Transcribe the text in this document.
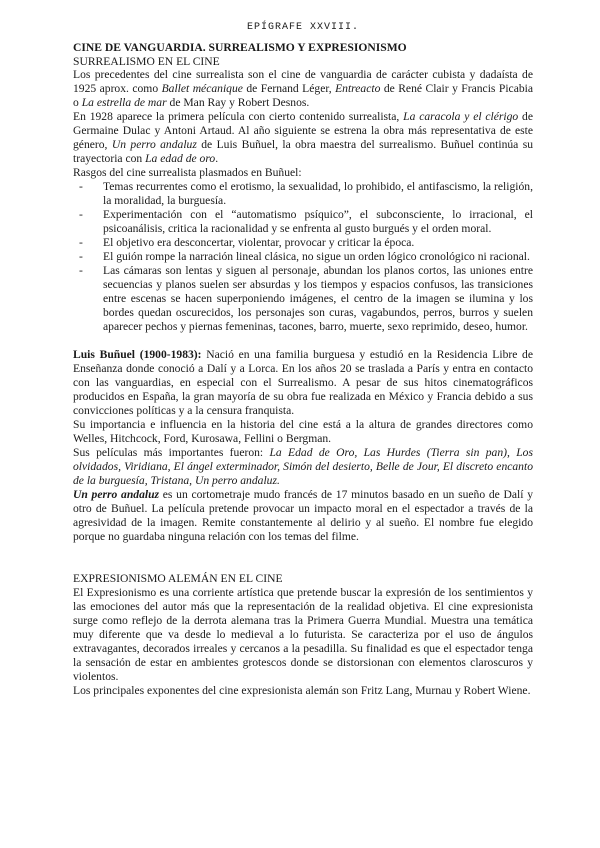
EPÍGRAFE XXVIII.
CINE DE VANGUARDIA. SURREALISMO Y EXPRESIONISMO
SURREALISMO EN EL CINE

Los precedentes del cine surrealista son el cine de vanguardia de carácter cubista y dadaísta de 1925 aprox. como Ballet mécanique de Fernand Léger, Entreacto de René Clair y Francis Picabia o La estrella de mar de Man Ray y Robert Desnos.

En 1928 aparece la primera película con cierto contenido surrealista, La caracola y el clérigo de Germaine Dulac y Antoni Artaud. Al año siguiente se estrena la obra más representativa de este género, Un perro andaluz de Luis Buñuel, la obra maestra del surrealismo. Buñuel continúa su trayectoria con La edad de oro.

Rasgos del cine surrealista plasmados en Buñuel:

- Temas recurrentes como el erotismo, la sexualidad, lo prohibido, el antifascismo, la religión, la moralidad, la burguesía.
- Experimentación con el “automatismo psíquico”, el subconsciente, lo irracional, el psicoanálisis, critica la racionalidad y se enfrenta al gusto burgués y el orden moral.
- El objetivo era desconcertar, violentar, provocar y criticar la época.
- El guión rompe la narración lineal clásica, no sigue un orden lógico cronológico ni racional.
- Las cámaras son lentas y siguen al personaje, abundan los planos cortos, las uniones entre secuencias y planos suelen ser absurdas y los tiempos y espacios confusos, las transiciones entre escenas se hacen superponiendo imágenes, el centro de la imagen se ilumina y los bordes quedan oscurecidos, los personajes son curas, vagabundos, perros, burros y suelen aparecer pechos y piernas femeninas, tacones, barro, muerte, sexo reprimido, deseo, humor.

Luis Buñuel (1900-1983): Nació en una familia burguesa y estudió en la Residencia Libre de Enseñanza donde conoció a Dalí y a Lorca. En los años 20 se traslada a París y entra en contacto con las vanguardias, en especial con el Surrealismo. A pesar de sus hitos cinematográficos producidos en España, la gran mayoría de su obra fue realizada en México y Francia debido a sus convicciones políticas y a la censura franquista.

Su importancia e influencia en la historia del cine está a la altura de grandes directores como Welles, Hitchcock, Ford, Kurosawa, Fellini o Bergman.

Sus películas más importantes fueron: La Edad de Oro, Las Hurdes (Tierra sin pan), Los olvidados, Viridiana, El ángel exterminador, Simón del desierto, Belle de Jour, El discreto encanto de la burguesía, Tristana, Un perro andaluz.

Un perro andaluz es un cortometraje mudo francés de 17 minutos basado en un sueño de Dalí y otro de Buñuel. La película pretende provocar un impacto moral en el espectador a través de la agresividad de la imagen. Remite constantemente al delirio y al sueño. El nombre fue elegido porque no guardaba ninguna relación con los temas del filme.

EXPRESIONISMO ALEMÁN EN EL CINE

El Expresionismo es una corriente artística que pretende buscar la expresión de los sentimientos y las emociones del autor más que la representación de la realidad objetiva. El cine expresionista surge como reflejo de la derrota alemana tras la Primera Guerra Mundial. Muestra una temática muy diferente que va desde lo medieval a lo futurista. Se caracteriza por el uso de ángulos extravagantes, decorados irreales y cercanos a la pesadilla. Su finalidad es que el espectador tenga la sensación de estar en ambientes grotescos donde se distorsionan con elementos claroscuros y violentos.

Los principales exponentes del cine expresionista alemán son Fritz Lang, Murnau y Robert Wiene.
